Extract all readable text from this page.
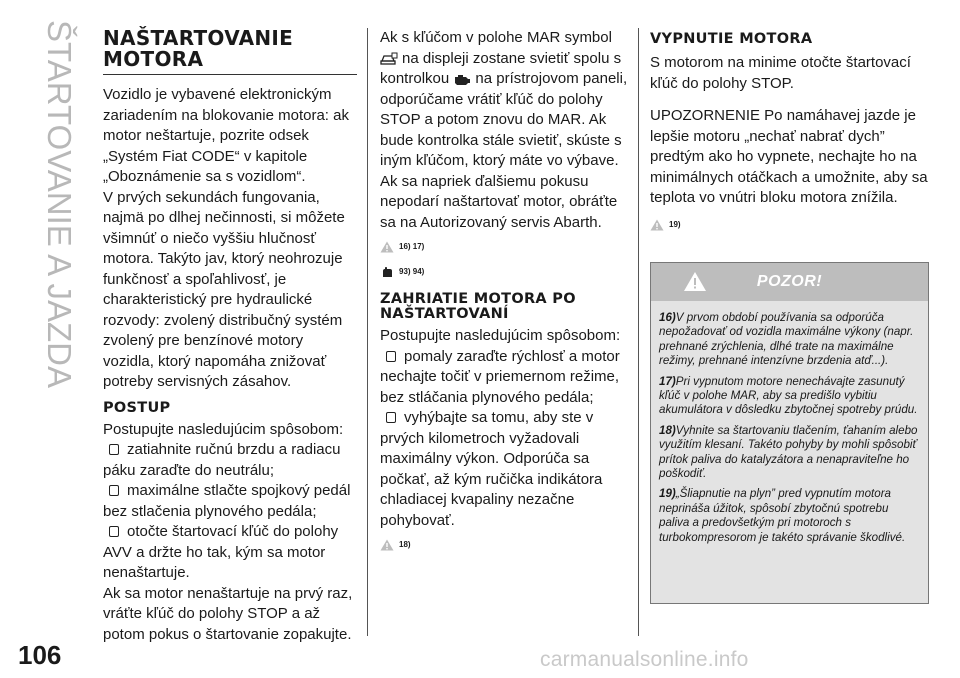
ŠTARTOVANIE A JAZDA
106
NAŠTARTOVANIE MOTORA

Vozidlo je vybavené elektronickým zariadením na blokovanie motora: ak motor neštartuje, pozrite odsek „Systém Fiat CODE“ v kapitole „Oboznámenie sa s vozidlom“.

V prvých sekundách fungovania, najmä po dlhej nečinnosti, si môžete všimnúť o niečo vyššiu hlučnosť motora. Takýto jav, ktorý neohrozuje funkčnosť a spoľahlivosť, je charakteristický pre hydraulické rozvody: zvolený distribučný systém zvolený pre benzínové motory vozidla, ktorý napomáha znižovať potreby servisných zásahov.

POSTUP

Postupujte nasledujúcim spôsobom:

zatiahnite ručnú brzdu a radiacu páku zaraďte do neutrálu;

maximálne stlačte spojkový pedál bez stlačenia plynového pedála;

otočte štartovací kľúč do polohy AVV a držte ho tak, kým sa motor nenaštartuje.

Ak sa motor nenaštartuje na prvý raz, vráťte kľúč do polohy STOP a až potom pokus o štartovanie zopakujte.

Ak s kľúčom v polohe MAR symbol na displeji zostane svietiť spolu s kontrolkou na prístrojovom paneli, odporúčame vrátiť kľúč do polohy STOP a potom znovu do MAR. Ak bude kontrolka stále svietiť, skúste s iným kľúčom, ktorý máte vo výbave.

Ak sa napriek ďalšiemu pokusu nepodarí naštartovať motor, obráťte sa na Autorizovaný servis Abarth.

16) 17)
93) 94)
ZAHRIATIE MOTORA PO NAŠTARTOVANÍ

Postupujte nasledujúcim spôsobom:

pomaly zaraďte rýchlosť a motor nechajte točiť v priemernom režime, bez stláčania plynového pedála;

vyhýbajte sa tomu, aby ste v prvých kilometroch vyžadovali maximálny výkon. Odporúča sa počkať, až kým ručička indikátora chladiacej kvapaliny nezačne pohybovať.

18)
VYPNUTIE MOTORA

S motorom na minime otočte štartovací kľúč do polohy STOP.

UPOZORNENIE Po namáhavej jazde je lepšie motoru „nechať nabrať dych” predtým ako ho vypnete, nechajte ho na minimálnych otáčkach a umožnite, aby sa teplota vo vnútri bloku motora znížila.

19)
POZOR!

16)V prvom období používania sa odporúča nepožadovať od vozidla maximálne výkony (napr. prehnané zrýchlenia, dlhé trate na maximálne režimy, prehnané intenzívne brzdenia atď...).

17)Pri vypnutom motore nenechávajte zasunutý kľúč v polohe MAR, aby sa predišlo vybitiu akumulátora v dôsledku zbytočnej spotreby prúdu.

18)Vyhnite sa štartovaniu tlačením, ťahaním alebo využitím klesaní. Takéto pohyby by mohli spôsobiť prítok paliva do katalyzátora a nenapraviteľne ho poškodiť.

19)„Šliapnutie na plyn” pred vypnutím motora neprináša úžitok, spôsobí zbytočnú spotrebu paliva a predovšetkým pri motoroch s turbokompresorom je takéto správanie škodlivé.

carmanualsonline.info
